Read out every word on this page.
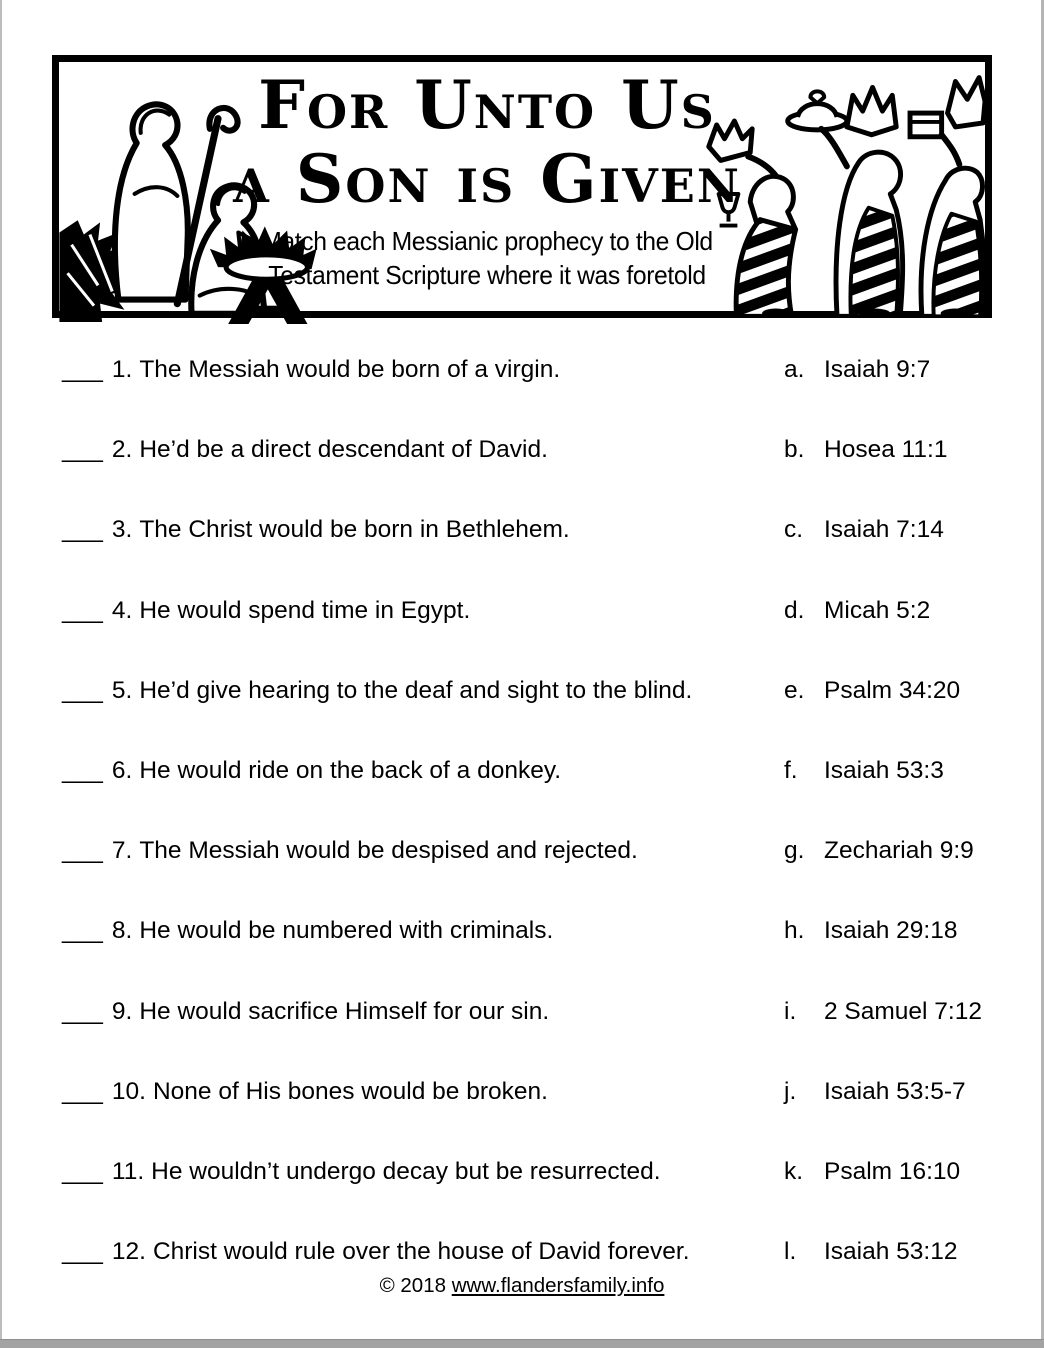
For Unto Us
a Son is Given
Match each Messianic prophecy to the Old
Testament Scripture where it was foretold
___ 1. The Messiah would be born of a virgin.	a. Isaiah 9:7
___ 2. He’d be a direct descendant of David.	b. Hosea 11:1
___ 3. The Christ would be born in Bethlehem.	c. Isaiah 7:14
___ 4. He would spend time in Egypt.	d. Micah 5:2
___ 5. He’d give hearing to the deaf and sight to the blind.	e. Psalm 34:20
___ 6. He would ride on the back of a donkey.	f.	Isaiah 53:3
___ 7. The Messiah would be despised and rejected.	g. Zechariah 9:9
___ 8. He would be numbered with criminals.	h. Isaiah 29:18
___ 9. He would sacrifice Himself for our sin.	i.	2 Samuel 7:12
___ 10. None of His bones would be broken.	j.	Isaiah 53:5-7
___ 11. He wouldn’t undergo decay but be resurrected.	k. Psalm 16:10
___ 12. Christ would rule over the house of David forever.	l.	Isaiah 53:12
© 2018 www.flandersfamily.info
